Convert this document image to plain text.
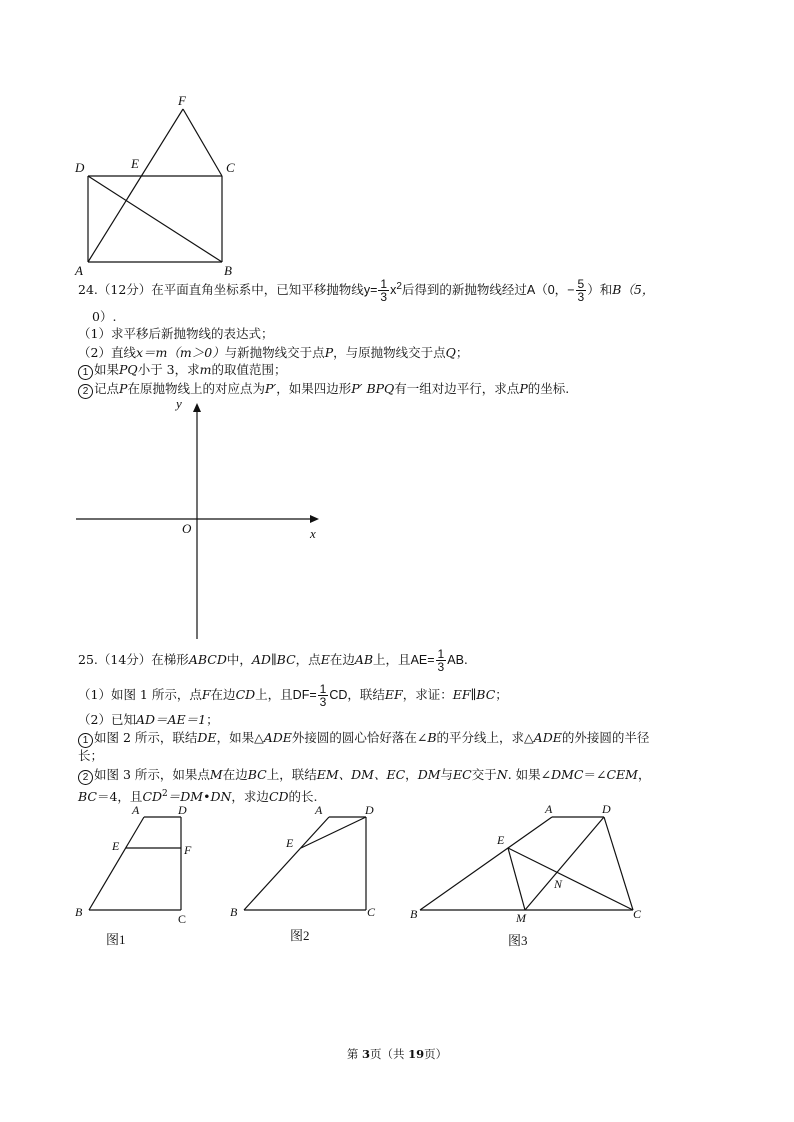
F
D	E	C
A	B
24.（12分）在平面直角坐标系中，已知平移抛物线$y= \frac{1}{3} x^2$后得到的新抛物线经过A（0，− $\frac{5}{3}$ ）和B（5，
0）.
（1）求平移后新抛物线的表达式；
（2）直线x＝m（m＞0）与新抛物线交于点P，与原抛物线交于点Q；
1 如果PQ小于 3，求m的取值范围；
2 记点P在原抛物线上的对应点为P′，如果四边形P′ BPQ有一组对边平行，求点P的坐标.
y
x
O
25.（14分）在梯形ABCD中，AD∥BC，点E在边AB上，且$AE= \frac{1}{3}$ AB.
（1）如图 1 所示，点F在边CD上，且$DF= \frac{1}{3}$ CD，联结EF，求证：EF∥BC；
（2）已知AD＝AE＝1；
1 如图 2 所示，联结DE，如果△ADE外接圆的圆心恰好落在∠B的平分线上，求△ADE的外接圆的半径
长；
2 如图 3 所示，如果点M在边BC上，联结EM、DM、EC，DM与EC交于N. 如果∠DMC＝∠CEM，
BC＝4，且$CD^2=DM•DN$，求边CD的长.
A	D
E	F
B	C
图1
A	D
E
B	C
图2
A	D
E
N
B	M	C
图3
第 3页（共 19页）
